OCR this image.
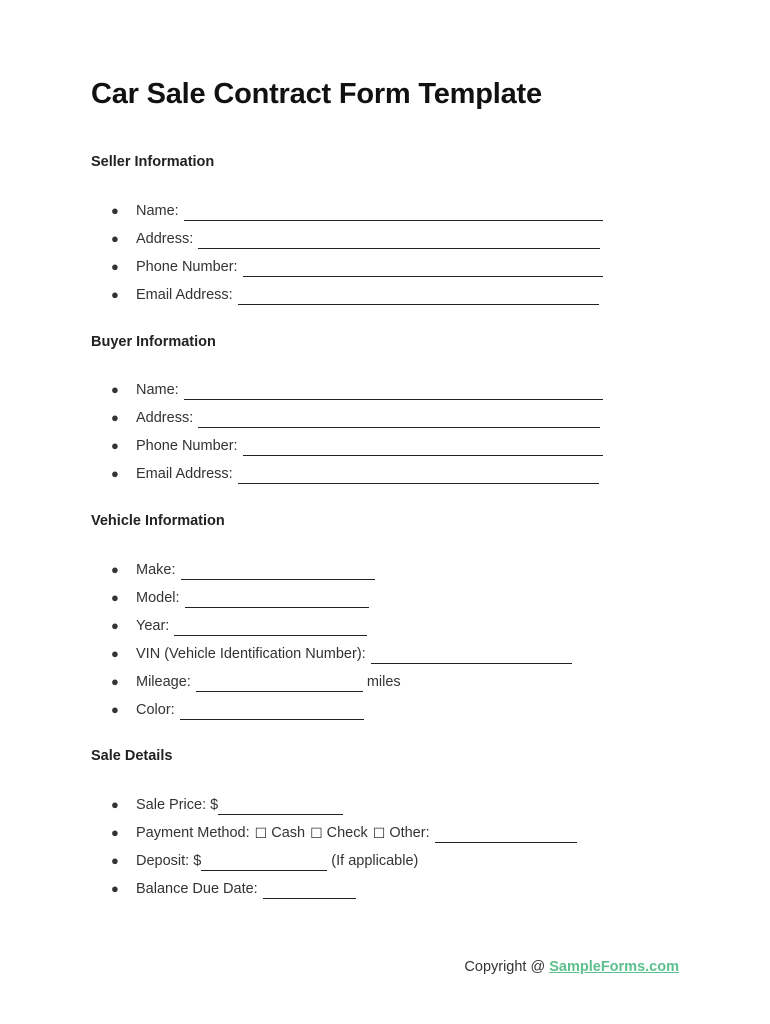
Car Sale Contract Form Template
Seller Information
● Name:
● Address:
● Phone Number:
● Email Address:
Buyer Information
● Name:
● Address:
● Phone Number:
● Email Address:
Vehicle Information
● Make:
● Model:
● Year:
● VIN (Vehicle Identification Number):
● Mileage:	miles
● Color:
Sale Details
● Sale Price: $
● Payment Method: ☐ Cash ☐ Check ☐ Other:
● Deposit: $	(If applicable)
● Balance Due Date:
Copyright @ SampleForms.com
